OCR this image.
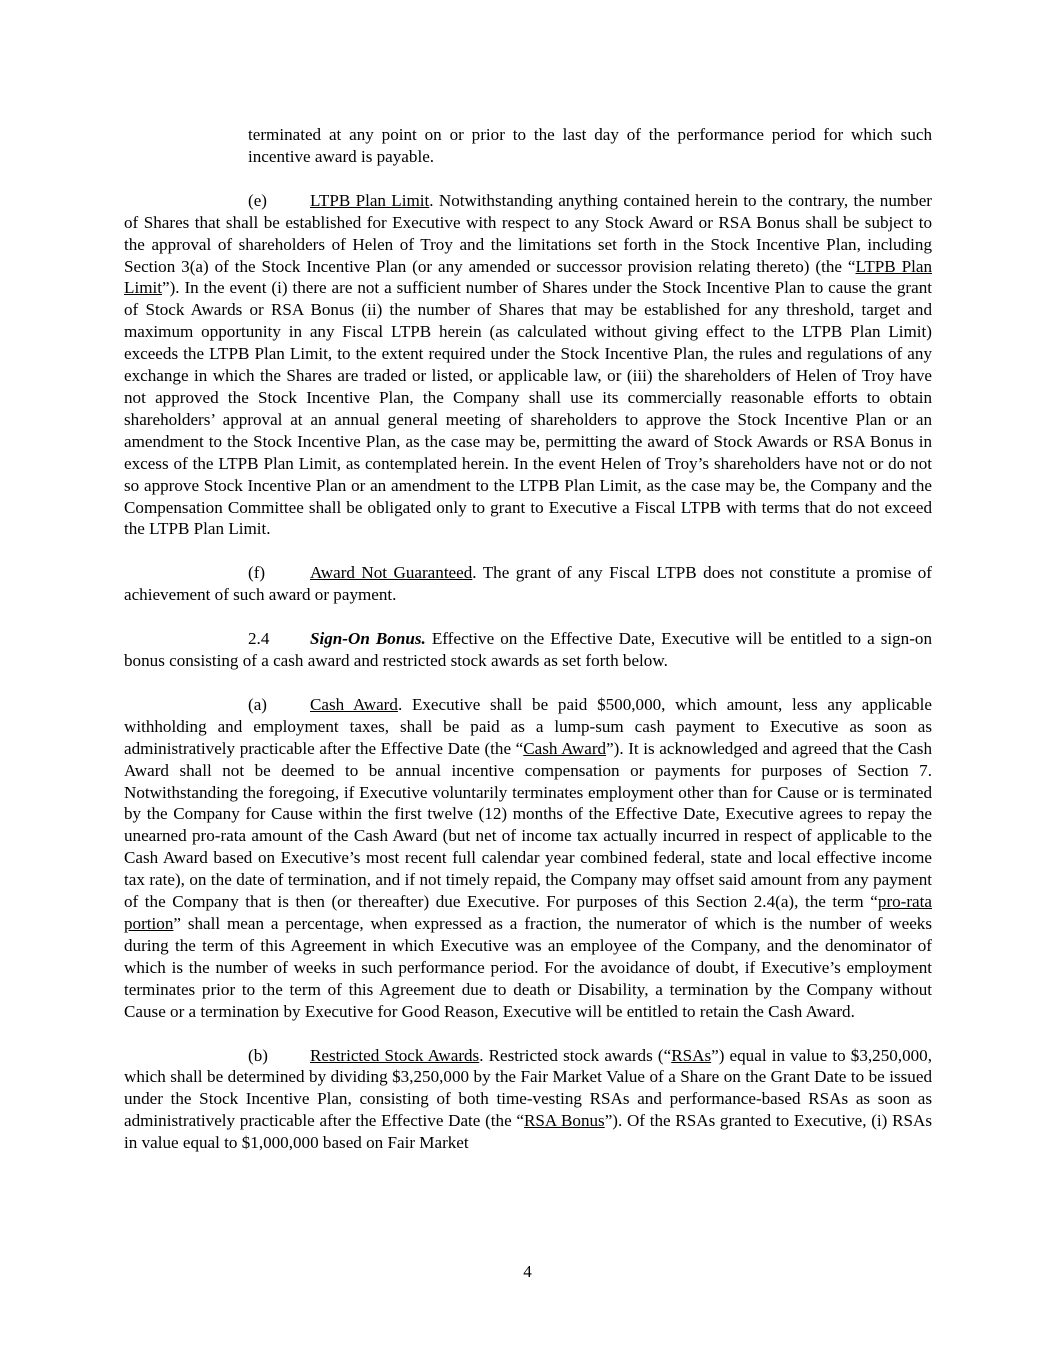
terminated at any point on or prior to the last day of the performance period for which such incentive award is payable.

(e)	LTPB Plan Limit. Notwithstanding anything contained herein to the contrary, the number of Shares that shall be established for Executive with respect to any Stock Award or RSA Bonus shall be subject to the approval of shareholders of Helen of Troy and the limitations set forth in the Stock Incentive Plan, including Section 3(a) of the Stock Incentive Plan (or any amended or successor provision relating thereto) (the “LTPB Plan Limit”). In the event (i) there are not a sufficient number of Shares under the Stock Incentive Plan to cause the grant of Stock Awards or RSA Bonus (ii) the number of Shares that may be established for any threshold, target and maximum opportunity in any Fiscal LTPB herein (as calculated without giving effect to the LTPB Plan Limit) exceeds the LTPB Plan Limit, to the extent required under the Stock Incentive Plan, the rules and regulations of any exchange in which the Shares are traded or listed, or applicable law, or (iii) the shareholders of Helen of Troy have not approved the Stock Incentive Plan, the Company shall use its commercially reasonable efforts to obtain shareholders’ approval at an annual general meeting of shareholders to approve the Stock Incentive Plan or an amendment to the Stock Incentive Plan, as the case may be, permitting the award of Stock Awards or RSA Bonus in excess of the LTPB Plan Limit, as contemplated herein. In the event Helen of Troy’s shareholders have not or do not so approve Stock Incentive Plan or an amendment to the LTPB Plan Limit, as the case may be, the Company and the Compensation Committee shall be obligated only to grant to Executive a Fiscal LTPB with terms that do not exceed the LTPB Plan Limit.

(f)	Award Not Guaranteed. The grant of any Fiscal LTPB does not constitute a promise of achievement of such award or payment.

2.4 Sign-On Bonus. Effective on the Effective Date, Executive will be entitled to a sign-on bonus consisting of a cash award and restricted stock awards as set forth below.

(a)	Cash Award. Executive shall be paid $500,000, which amount, less any applicable withholding and employment taxes, shall be paid as a lump-sum cash payment to Executive as soon as administratively practicable after the Effective Date (the “Cash Award”). It is acknowledged and agreed that the Cash Award shall not be deemed to be annual incentive compensation or payments for purposes of Section 7. Notwithstanding the foregoing, if Executive voluntarily terminates employment other than for Cause or is terminated by the Company for Cause within the first twelve (12) months of the Effective Date, Executive agrees to repay the unearned pro-rata amount of the Cash Award (but net of income tax actually incurred in respect of applicable to the Cash Award based on Executive’s most recent full calendar year combined federal, state and local effective income tax rate), on the date of termination, and if not timely repaid, the Company may offset said amount from any payment of the Company that is then (or thereafter) due Executive. For purposes of this Section 2.4(a), the term “pro-rata portion” shall mean a percentage, when expressed as a fraction, the numerator of which is the number of weeks during the term of this Agreement in which Executive was an employee of the Company, and the denominator of which is the number of weeks in such performance period. For the avoidance of doubt, if Executive’s employment terminates prior to the term of this Agreement due to death or Disability, a termination by the Company without Cause or a termination by Executive for Good Reason, Executive will be entitled to retain the Cash Award.

(b) Restricted Stock Awards. Restricted stock awards (“RSAs”) equal in value to $3,250,000, which shall be determined by dividing $3,250,000 by the Fair Market Value of a Share on the Grant Date to be issued under the Stock Incentive Plan, consisting of both time-vesting RSAs and performance-based RSAs as soon as administratively practicable after the Effective Date (the “RSA Bonus”). Of the RSAs granted to Executive, (i) RSAs in value equal to $1,000,000 based on Fair Market

4
